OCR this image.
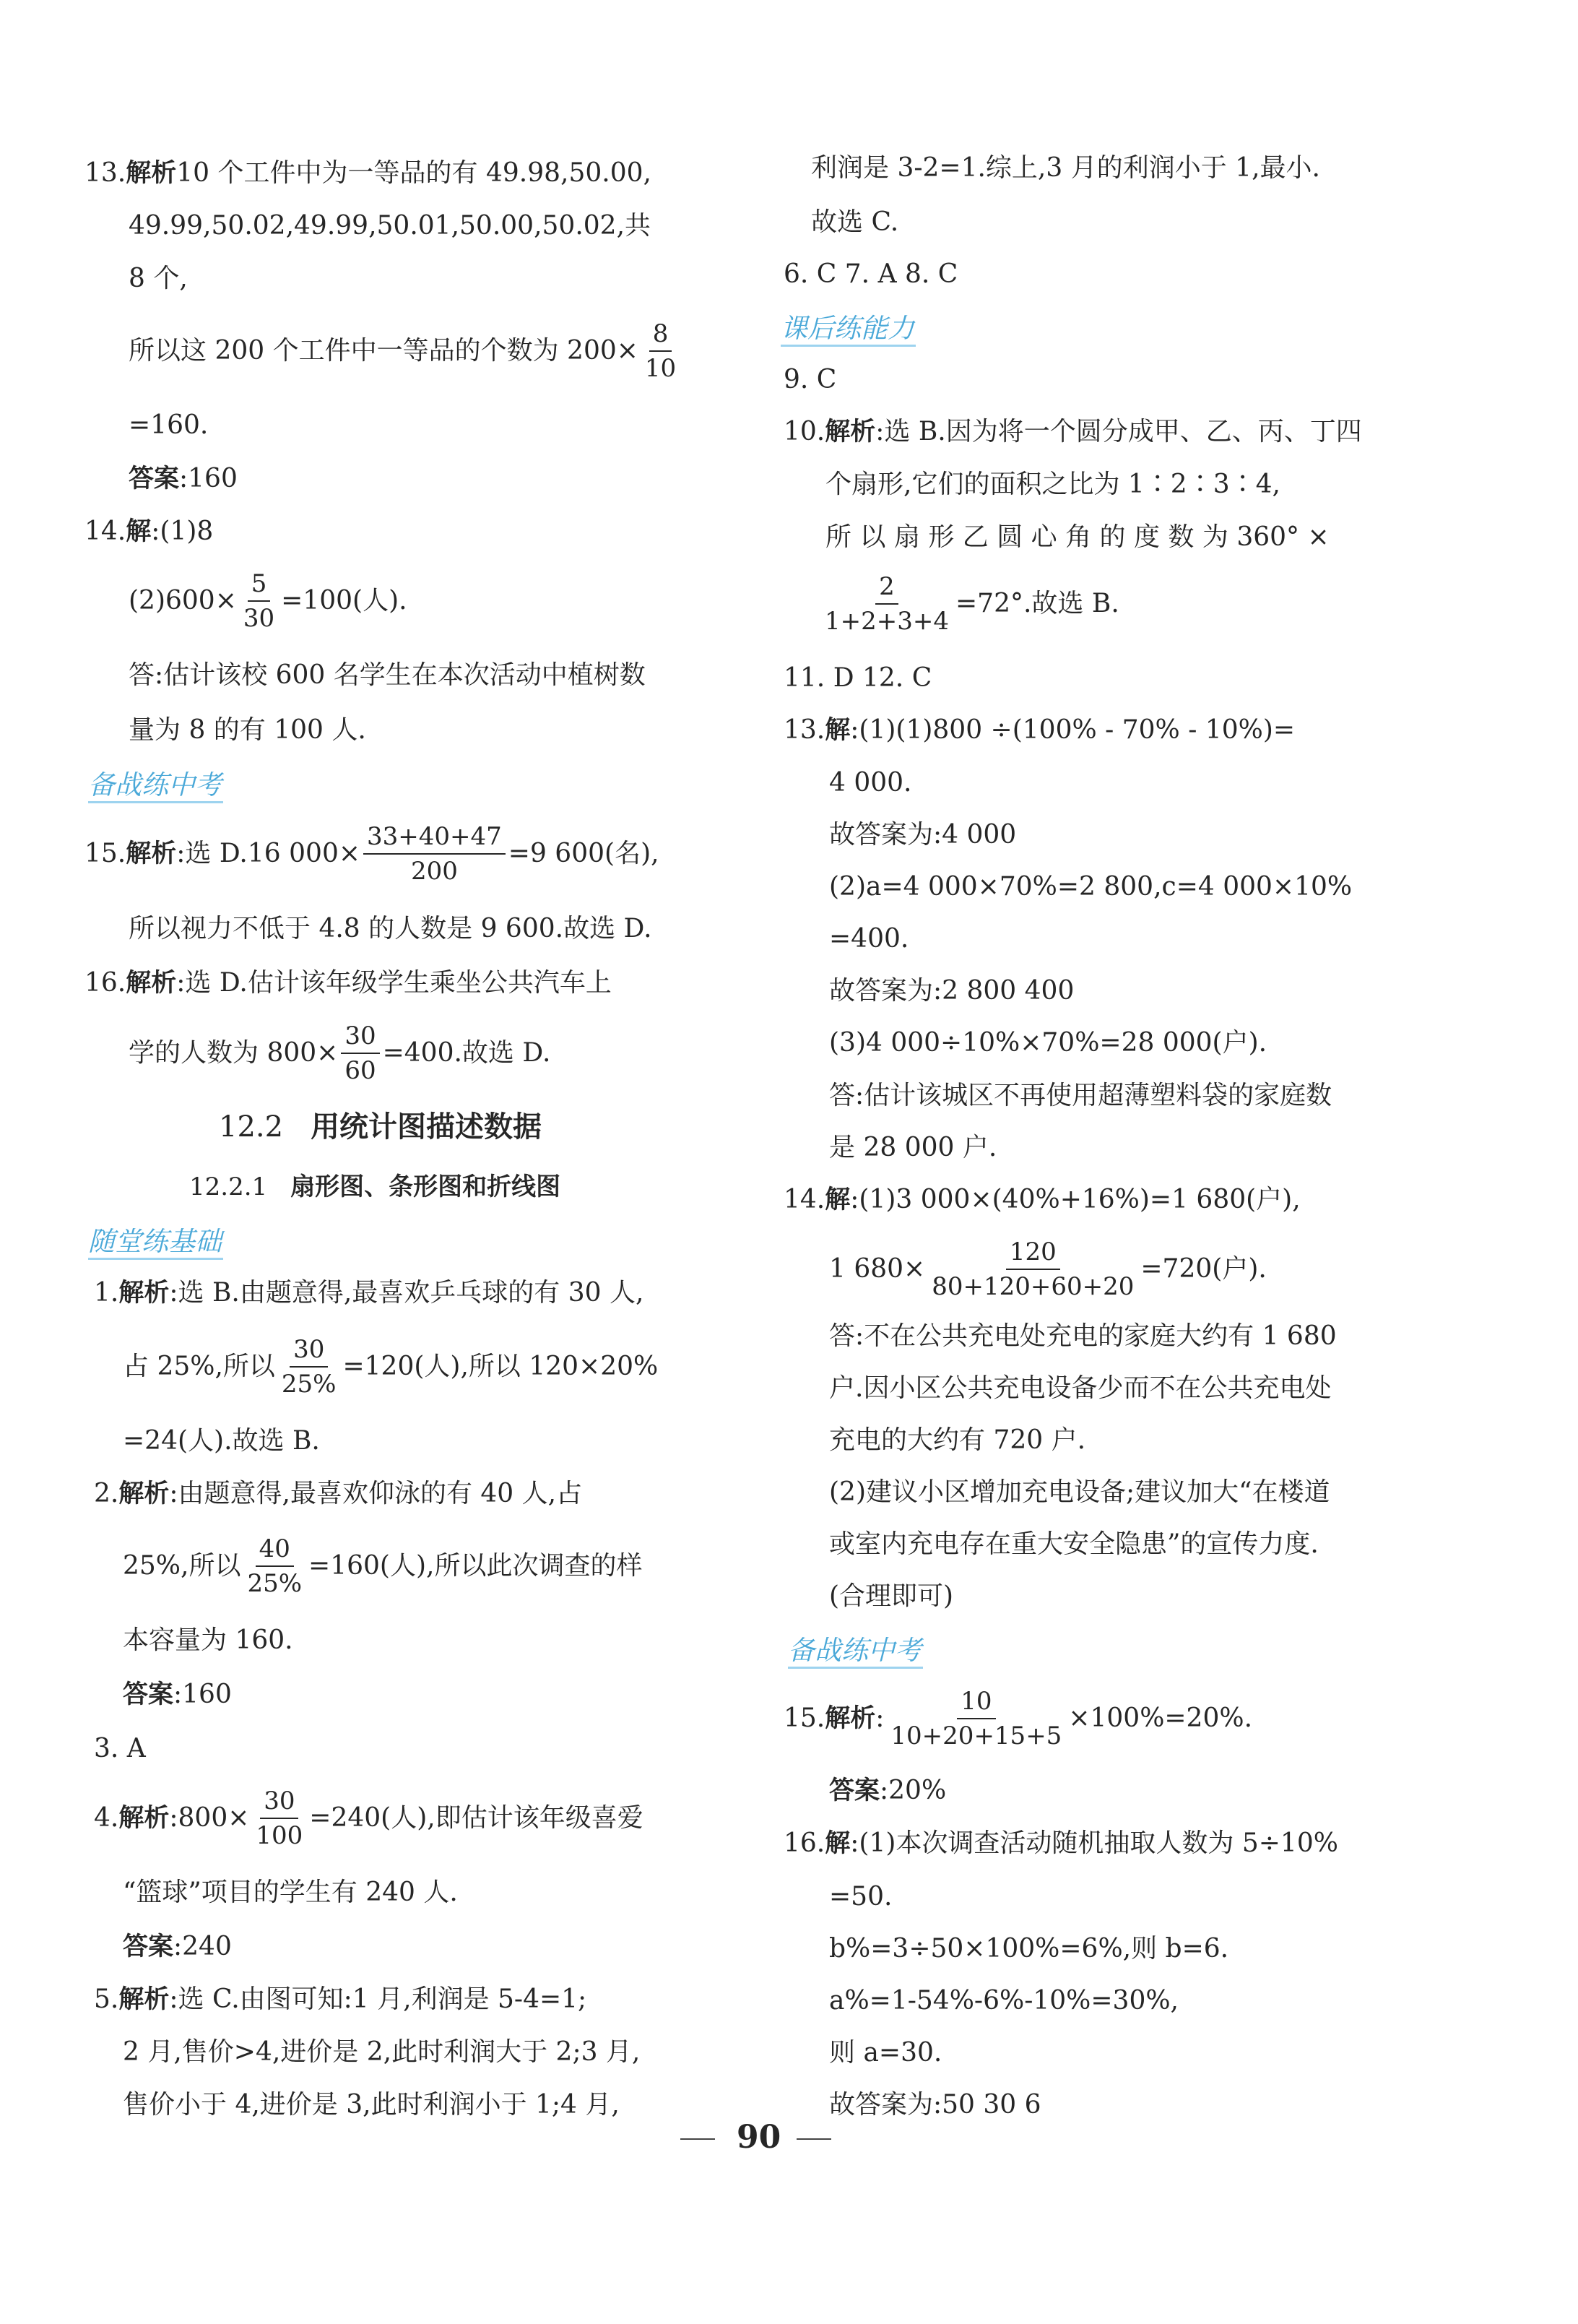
13.解析10 个工件中为一等品的有 49.98,50.00,
49.99,50.02,49.99,50.01,50.00,50.02,共
8 个,
所以这 200 个工件中一等品的个数为 $200\times \frac{8}{10}$
=160.
答案:160
14.解:(1)8
$(2)600\times \frac{5}{30} =100$(人).
答:估计该校 600 名学生在本次活动中植树数
量为 8 的有 100 人.
备战练中考
15. 解析 :选 D.16 $000\times \frac{33+40+47}{200} =9$ 600(名),
所以视力不低于 4.8 的人数是 9 600.故选 D.
16.解析:选 D.估计该年级学生乘坐公共汽车上
学的人数为 $800\times \frac{30}{60} =400$.故选 D.
12.2 用统计图描述数据
12.2.1 扇形图、条形图和折线图
随堂练基础
1.解析:选 B.由题意得,最喜欢乒乓球的有 30 人,
占 25%,所以 $\frac{30}{25\%} =120$(人),所以 120×20%
=24(人).故选 B.
2.解析:由题意得,最喜欢仰泳的有 40 人,占
25%,所以 $\frac{40}{25\%} =160$(人),所以此次调查的样
本容量为 160.
答案:160
3. A
4. 解析 :800× $\frac{30}{100} =240$(人),即估计该年级喜爱
“篮球”项目的学生有 240 人.
答案:240
5.解析:选 C.由图可知:1 月,利润是 5-4=1;
2 月,售价>4,进价是 2,此时利润大于 2;3 月,
售价小于 4,进价是 3,此时利润小于 1;4 月,
利润是 3-2=1.综上,3 月的利润小于 1,最小.
故选 C.
6. C 7. A 8. C
课后练能力
9. C
10.解析:选 B.因为将一个圆分成甲、乙、丙、丁四
个扇形,它们的面积之比为 1∶2∶3∶4,
所 以 扇 形 乙 圆 心 角 的 度 数 为 360° ×
$\frac{2}{1+2+3+4} =72^\circ$.故选 B.
11. D 12. C
13.解:(1)(1)800 ÷(100% - 70% - 10%)=
4 000.
故答案为:4 000
(2)a=4 000×70%=2 800,c=4 000×10%
=400.
故答案为:2 800 400
(3)4 000÷10%×70%=28 000(户).
答:估计该城区不再使用超薄塑料袋的家庭数
是 28 000 户.
14.解:(1)3 000×(40%+16%)=1 680(户),
1 $680\times \frac{120}{80+120+60+20} =720$(户).
答:不在公共充电处充电的家庭大约有 1 680
户.因小区公共充电设备少而不在公共充电处
充电的大约有 720 户.
(2)建议小区增加充电设备;建议加大“在楼道
或室内充电存在重大安全隐患”的宣传力度.
(合理即可)
备战练中考
15. 解析 : $\frac{10}{10+20+15+5} \times 100\%=20\%$.
答案:20%
16.解:(1)本次调查活动随机抽取人数为 5÷10%
=50.
b%=3÷50×100%=6%,则 b=6.
a%=1-54%-6%-10%=30%,
则 a=30.
故答案为:50 30 6
90
